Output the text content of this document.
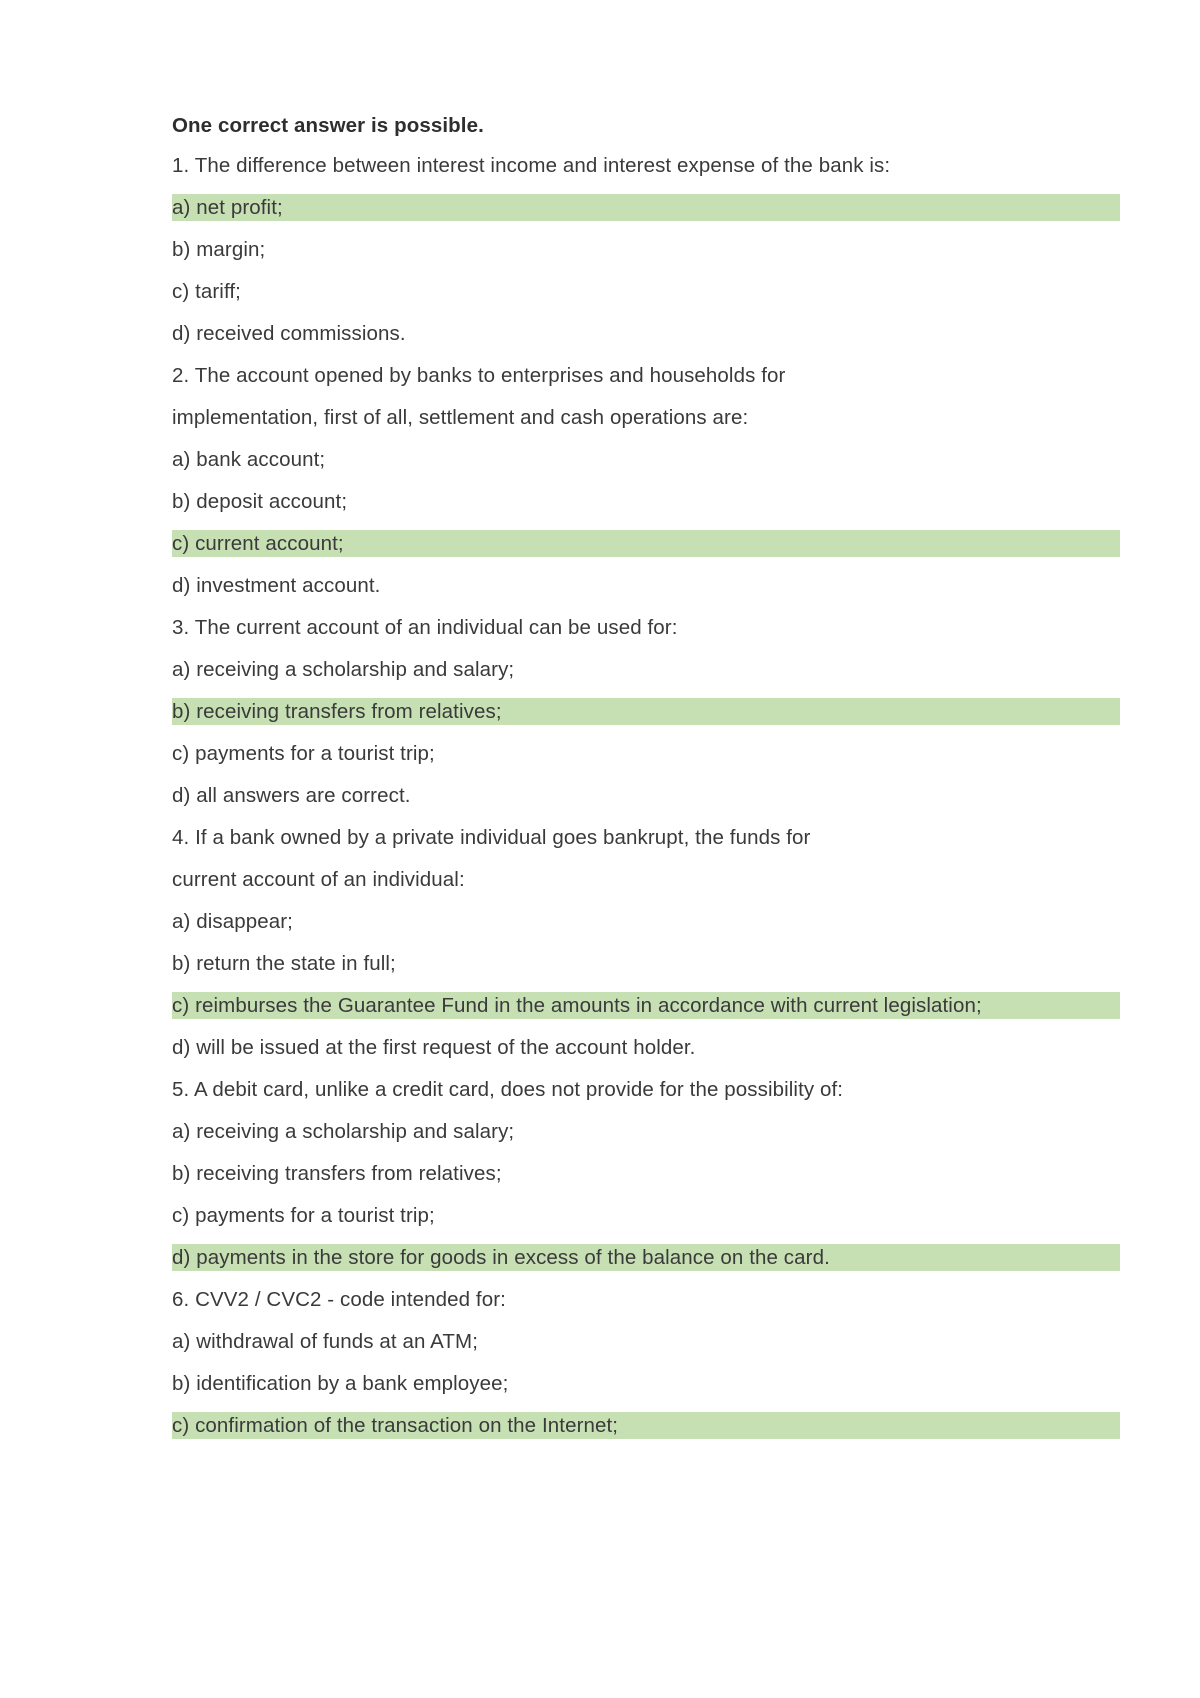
One correct answer is possible.
1. The difference between interest income and interest expense of the bank is:
a) net profit;
b) margin;
c) tariff;
d) received commissions.
2. The account opened by banks to enterprises and households for
implementation, first of all, settlement and cash operations are:
a) bank account;
b) deposit account;
c) current account;
d) investment account.
3. The current account of an individual can be used for:
a) receiving a scholarship and salary;
b) receiving transfers from relatives;
c) payments for a tourist trip;
d) all answers are correct.
4. If a bank owned by a private individual goes bankrupt, the funds for
current account of an individual:
a) disappear;
b) return the state in full;
c) reimburses the Guarantee Fund in the amounts in accordance with current legislation;
d) will be issued at the first request of the account holder.
5. A debit card, unlike a credit card, does not provide for the possibility of:
a) receiving a scholarship and salary;
b) receiving transfers from relatives;
c) payments for a tourist trip;
d) payments in the store for goods in excess of the balance on the card.
6. CVV2 / CVC2 - code intended for:
a) withdrawal of funds at an ATM;
b) identification by a bank employee;
c) confirmation of the transaction on the Internet;
